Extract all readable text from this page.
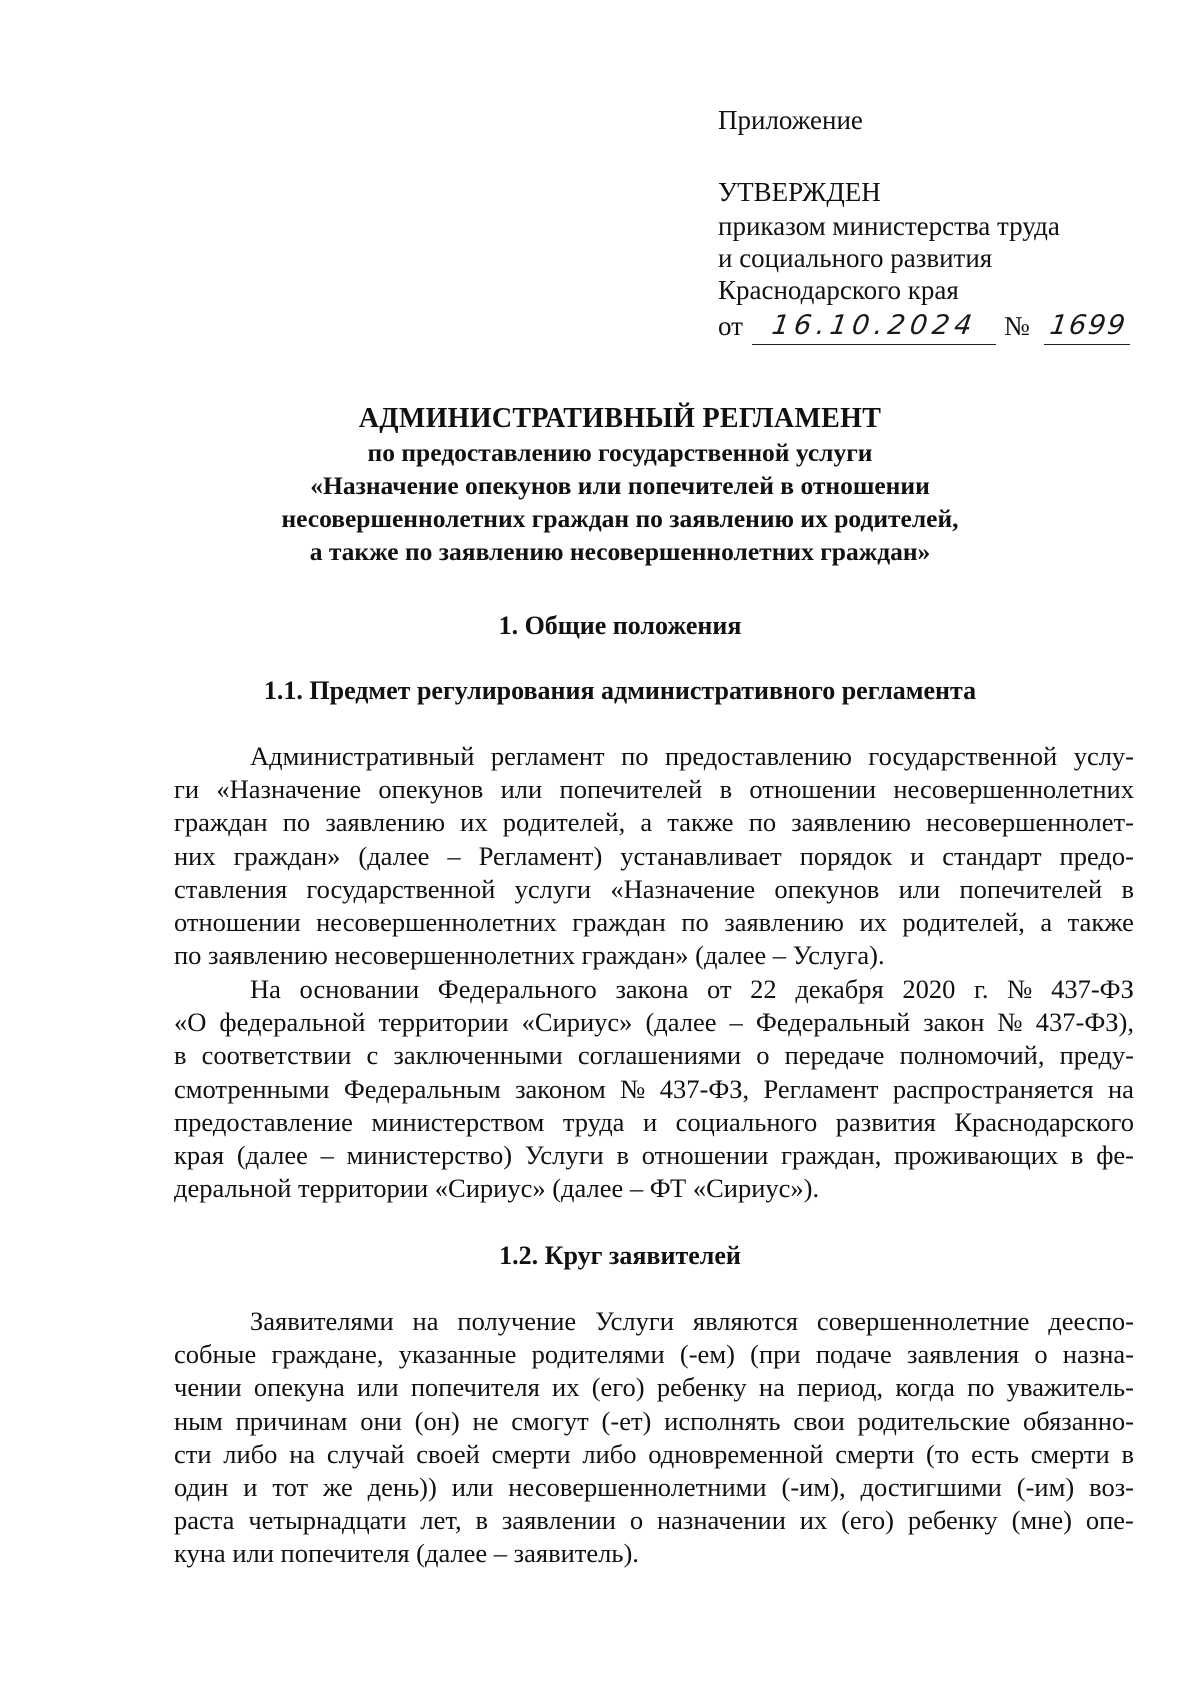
Приложение
УТВЕРЖДЕН
приказом министерства труда
и социального развития
Краснодарского края
от 16.10.2024 № 1699
АДМИНИСТРАТИВНЫЙ РЕГЛАМЕНТ
по предоставлению государственной услуги
«Назначение опекунов или попечителей в отношении
несовершеннолетних граждан по заявлению их родителей,
а также по заявлению несовершеннолетних граждан»
1. Общие положения
1.1. Предмет регулирования административного регламента
Административный регламент по предоставлению государственной услу-
ги «Назначение опекунов или попечителей в отношении несовершеннолетних
граждан по заявлению их родителей, а также по заявлению несовершеннолет-
них граждан» (далее – Регламент) устанавливает порядок и стандарт предо-
ставления государственной услуги «Назначение опекунов или попечителей в
отношении несовершеннолетних граждан по заявлению их родителей, а также
по заявлению несовершеннолетних граждан» (далее – Услуга).
На основании Федерального закона от 22 декабря 2020 г. № 437-ФЗ
«О федеральной территории «Сириус» (далее – Федеральный закон № 437-ФЗ),
в соответствии с заключенными соглашениями о передаче полномочий, преду-
смотренными Федеральным законом № 437-ФЗ, Регламент распространяется на
предоставление министерством труда и социального развития Краснодарского
края (далее – министерство) Услуги в отношении граждан, проживающих в фе-
деральной территории «Сириус» (далее – ФТ «Сириус»).
1.2. Круг заявителей
Заявителями на получение Услуги являются совершеннолетние дееспо-
собные граждане, указанные родителями (-ем) (при подаче заявления о назна-
чении опекуна или попечителя их (его) ребенку на период, когда по уважитель-
ным причинам они (он) не смогут (-ет) исполнять свои родительские обязанно-
сти либо на случай своей смерти либо одновременной смерти (то есть смерти в
один и тот же день)) или несовершеннолетними (-им), достигшими (-им) воз-
раста четырнадцати лет, в заявлении о назначении их (его) ребенку (мне) опе-
куна или попечителя (далее – заявитель).
